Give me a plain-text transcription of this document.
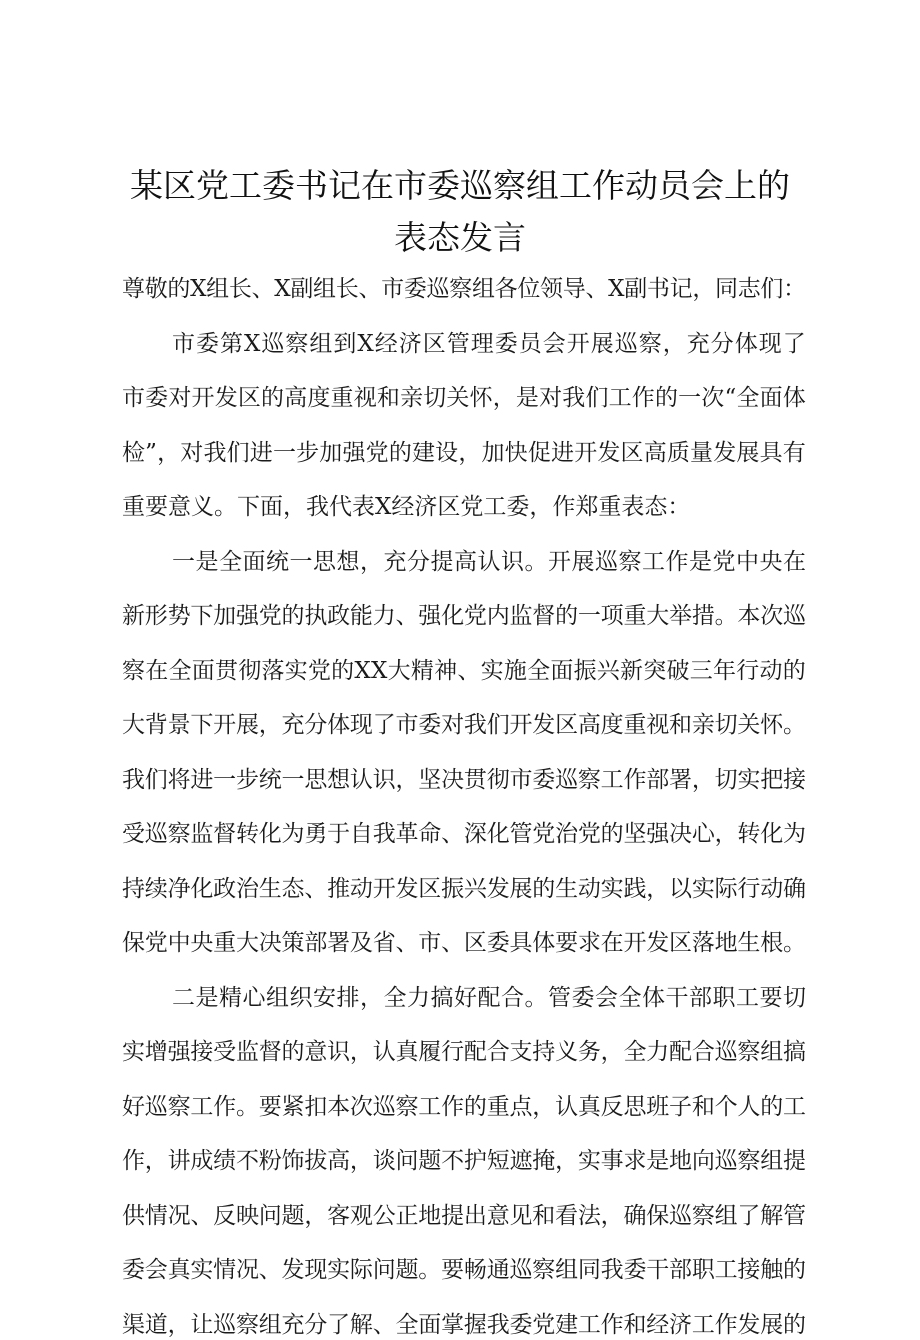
某区党工委书记在市委巡察组工作动员会上的
表态发言
尊敬的X组长、X副组长、市委巡察组各位领导、X副书记，同志们：
市委第X巡察组到X经济区管理委员会开展巡察，充分体现了
市委对开发区的高度重视和亲切关怀，是对我们工作的一次“全面体
检”，对我们进一步加强党的建设，加快促进开发区高质量发展具有
重要意义。下面，我代表X经济区党工委，作郑重表态：
一是全面统一思想，充分提高认识。开展巡察工作是党中央在
新形势下加强党的执政能力、强化党内监督的一项重大举措。本次巡
察在全面贯彻落实党的XX大精神、实施全面振兴新突破三年行动的
大背景下开展，充分体现了市委对我们开发区高度重视和亲切关怀。
我们将进一步统一思想认识，坚决贯彻市委巡察工作部署，切实把接
受巡察监督转化为勇于自我革命、深化管党治党的坚强决心，转化为
持续净化政治生态、推动开发区振兴发展的生动实践，以实际行动确
保党中央重大决策部署及省、市、区委具体要求在开发区落地生根。
二是精心组织安排，全力搞好配合。管委会全体干部职工要切
实增强接受监督的意识，认真履行配合支持义务，全力配合巡察组搞
好巡察工作。要紧扣本次巡察工作的重点，认真反思班子和个人的工
作，讲成绩不粉饰拔高，谈问题不护短遮掩，实事求是地向巡察组提
供情况、反映问题，客观公正地提出意见和看法，确保巡察组了解管
委会真实情况、发现实际问题。要畅通巡察组同我委干部职工接触的
渠道，让巡察组充分了解、全面掌握我委党建工作和经济工作发展的
